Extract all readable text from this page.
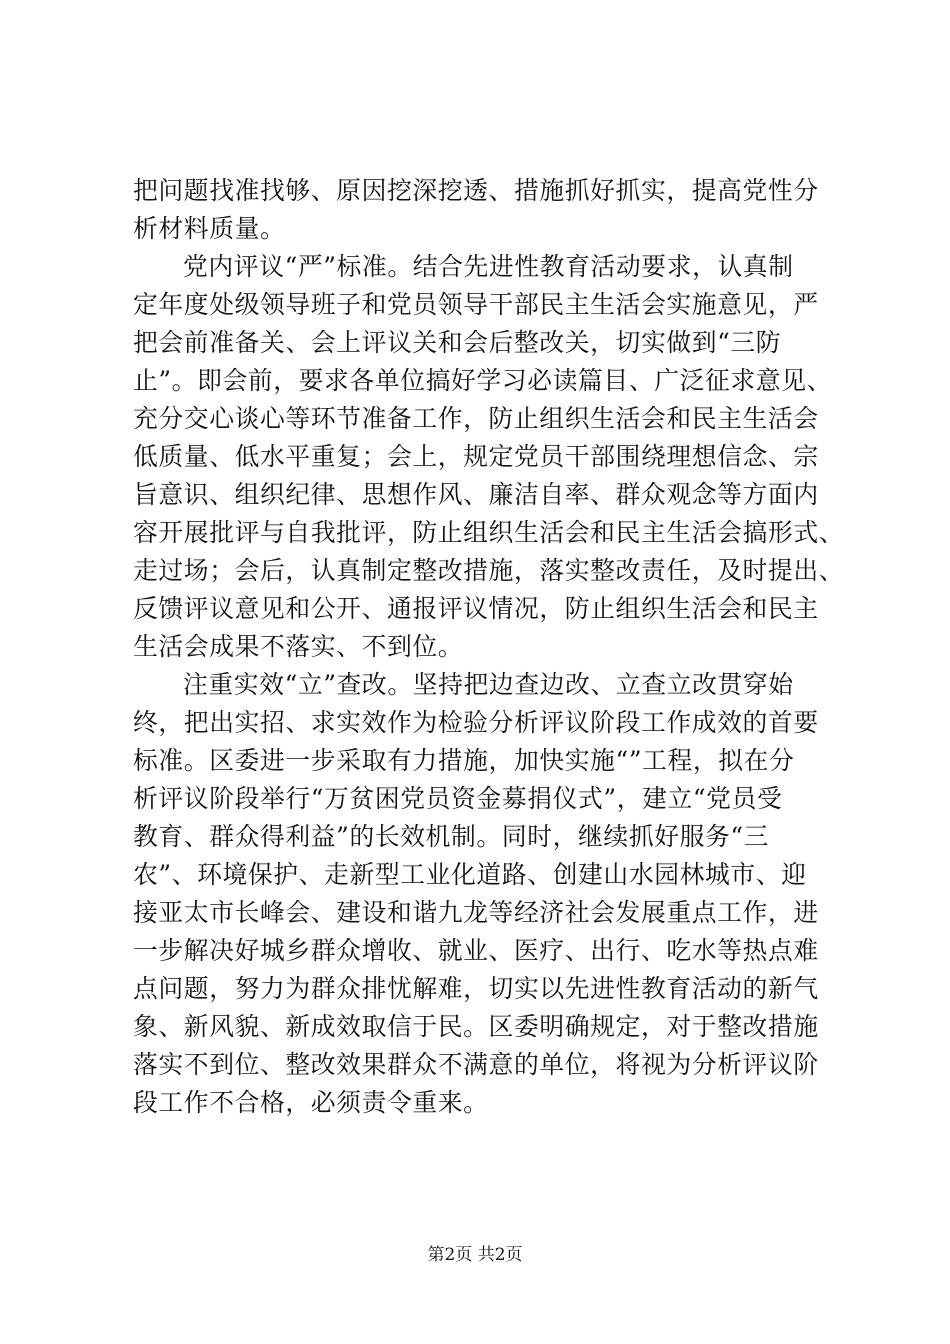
把问题找准找够、原因挖深挖透、措施抓好抓实，提高党性分
析材料质量。
党内评议“严”标准。结合先进性教育活动要求，认真制
定年度处级领导班子和党员领导干部民主生活会实施意见，严
把会前准备关、会上评议关和会后整改关，切实做到“三防
止”。即会前，要求各单位搞好学习必读篇目、广泛征求意见、
充分交心谈心等环节准备工作，防止组织生活会和民主生活会
低质量、低水平重复；会上，规定党员干部围绕理想信念、宗
旨意识、组织纪律、思想作风、廉洁自率、群众观念等方面内
容开展批评与自我批评，防止组织生活会和民主生活会搞形式、
走过场；会后，认真制定整改措施，落实整改责任，及时提出、
反馈评议意见和公开、通报评议情况，防止组织生活会和民主
生活会成果不落实、不到位。
注重实效“立”查改。坚持把边查边改、立查立改贯穿始
终，把出实招、求实效作为检验分析评议阶段工作成效的首要
标准。区委进一步采取有力措施，加快实施“”工程，拟在分
析评议阶段举行“万贫困党员资金募捐仪式”，建立“党员受
教育、群众得利益”的长效机制。同时，继续抓好服务“三
农”、环境保护、走新型工业化道路、创建山水园林城市、迎
接亚太市长峰会、建设和谐九龙等经济社会发展重点工作，进
一步解决好城乡群众增收、就业、医疗、出行、吃水等热点难
点问题，努力为群众排忧解难，切实以先进性教育活动的新气
象、新风貌、新成效取信于民。区委明确规定，对于整改措施
落实不到位、整改效果群众不满意的单位，将视为分析评议阶
段工作不合格，必须责令重来。
第2页 共2页
